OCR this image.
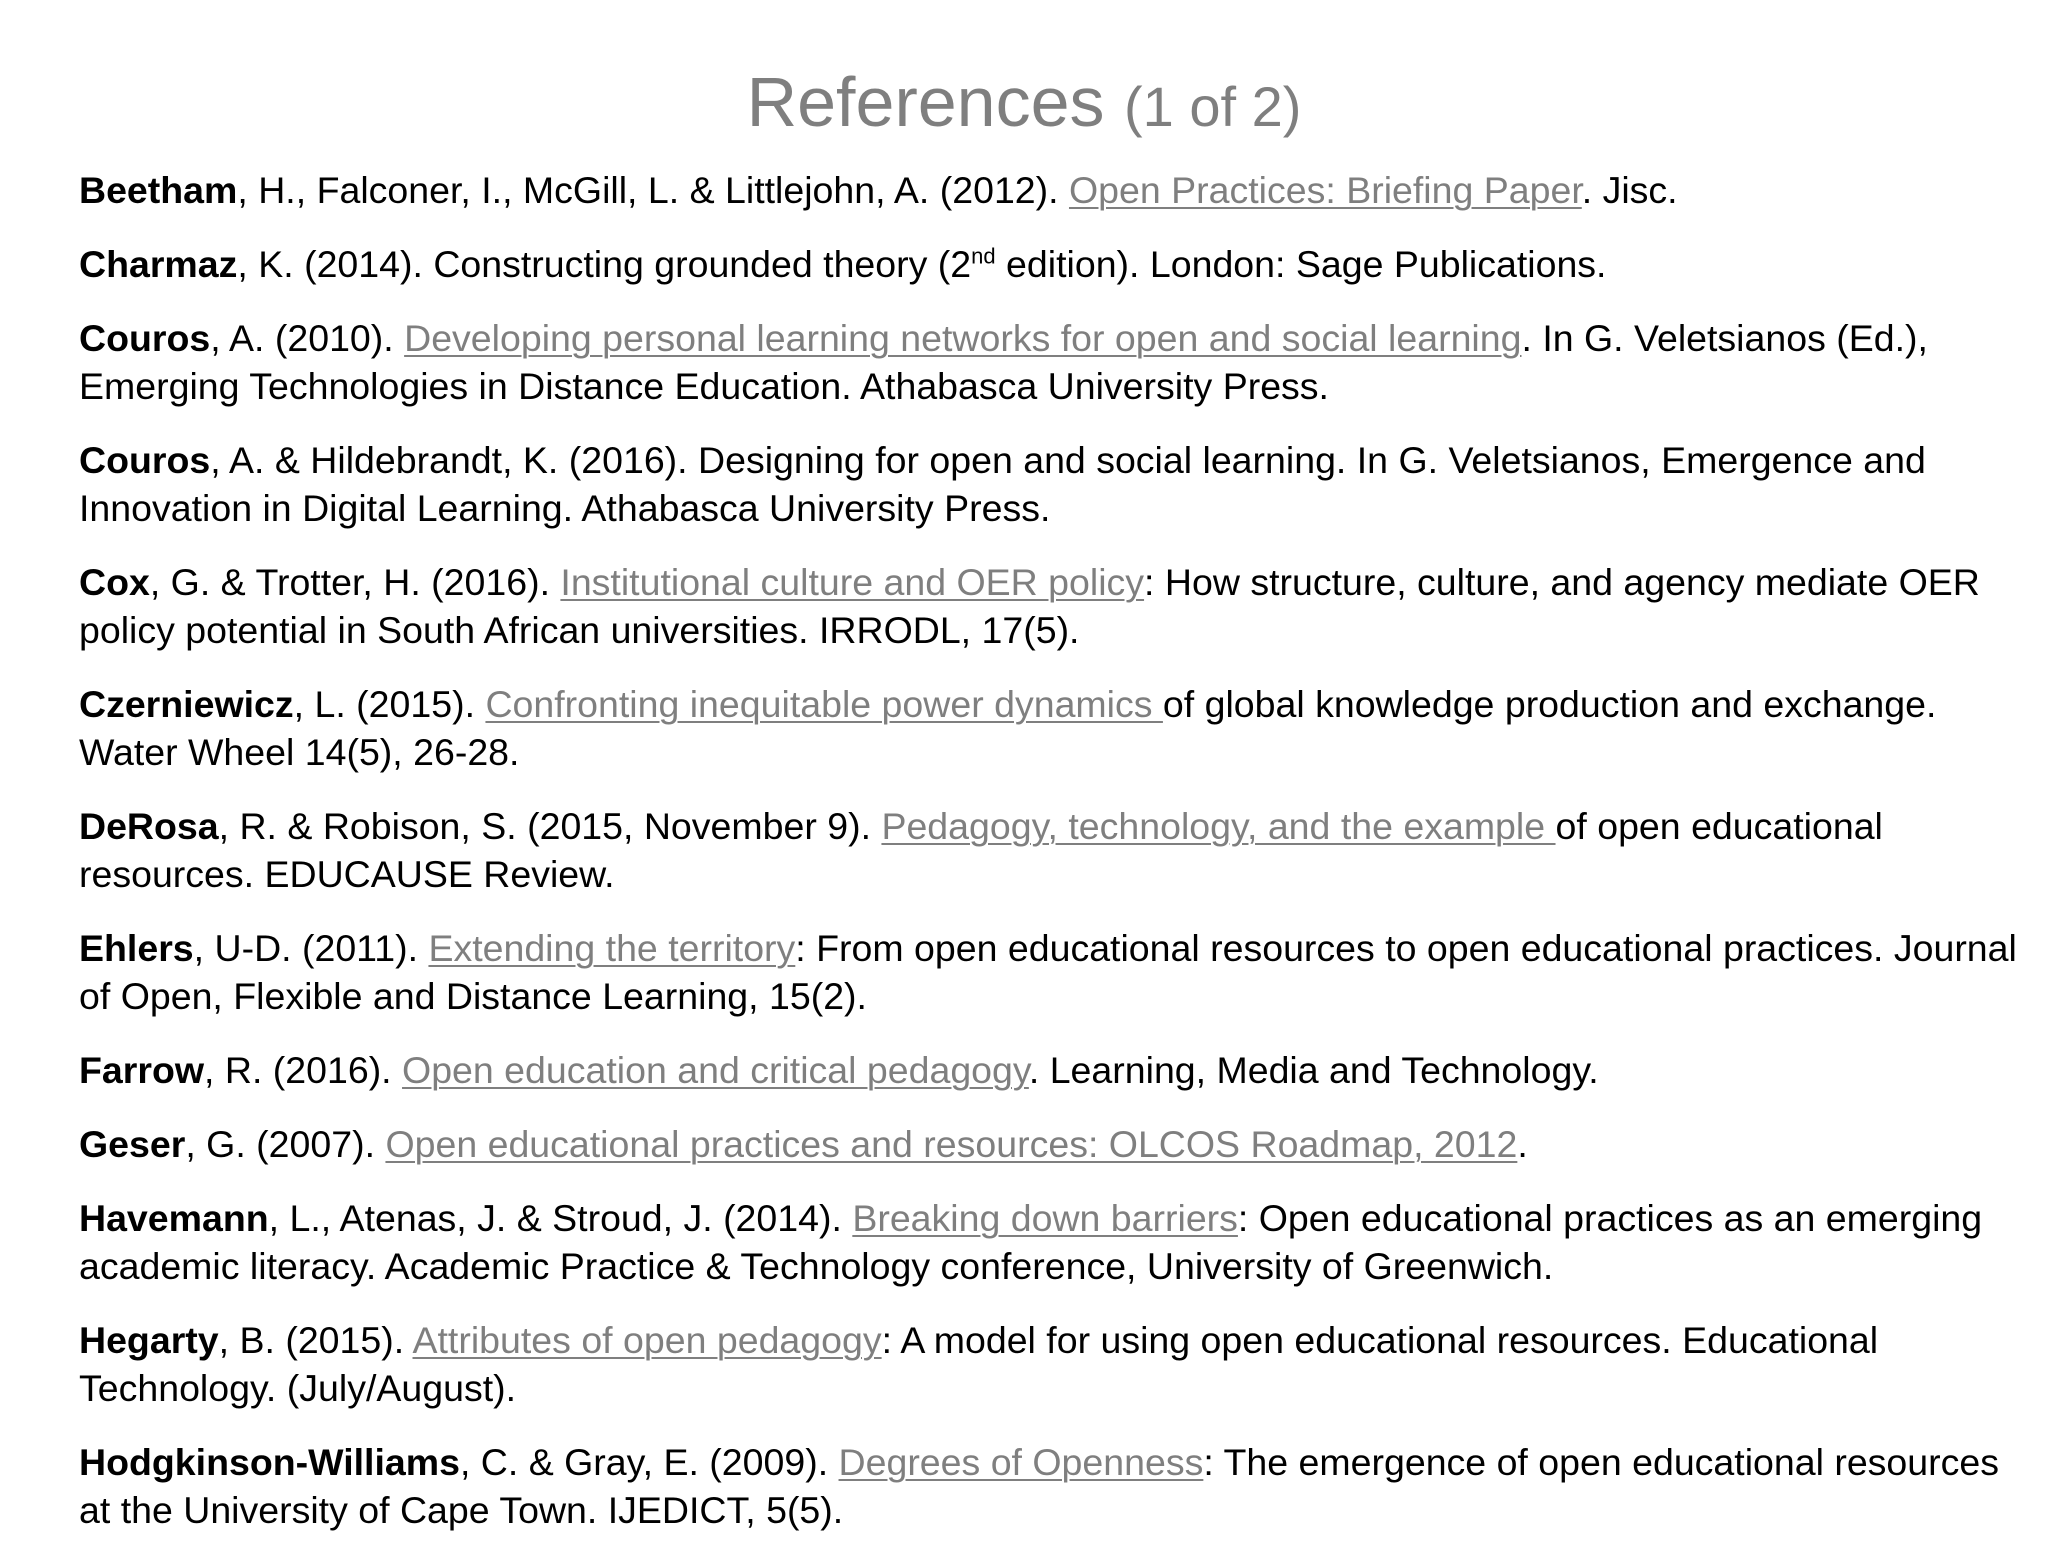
References (1 of 2)
Beetham, H., Falconer, I., McGill, L. & Littlejohn, A. (2012). Open Practices: Briefing Paper. Jisc.
Charmaz, K. (2014). Constructing grounded theory (2nd edition). London: Sage Publications.
Couros, A. (2010). Developing personal learning networks for open and social learning. In G. Veletsianos (Ed.), Emerging Technologies in Distance Education. Athabasca University Press.
Couros, A. & Hildebrandt, K. (2016). Designing for open and social learning. In G. Veletsianos, Emergence and Innovation in Digital Learning. Athabasca University Press.
Cox, G. & Trotter, H. (2016). Institutional culture and OER policy: How structure, culture, and agency mediate OER policy potential in South African universities. IRRODL, 17(5).
Czerniewicz, L. (2015). Confronting inequitable power dynamics of global knowledge production and exchange. Water Wheel 14(5), 26-28.
DeRosa, R. & Robison, S. (2015, November 9). Pedagogy, technology, and the example of open educational resources. EDUCAUSE Review.
Ehlers, U-D. (2011). Extending the territory: From open educational resources to open educational practices. Journal of Open, Flexible and Distance Learning, 15(2).
Farrow, R. (2016). Open education and critical pedagogy. Learning, Media and Technology.
Geser, G. (2007). Open educational practices and resources: OLCOS Roadmap, 2012.
Havemann, L., Atenas, J. & Stroud, J. (2014). Breaking down barriers: Open educational practices as an emerging academic literacy. Academic Practice & Technology conference, University of Greenwich.
Hegarty, B. (2015). Attributes of open pedagogy: A model for using open educational resources. Educational Technology. (July/August).
Hodgkinson-Williams, C. & Gray, E. (2009). Degrees of Openness: The emergence of open educational resources at the University of Cape Town. IJEDICT, 5(5).
